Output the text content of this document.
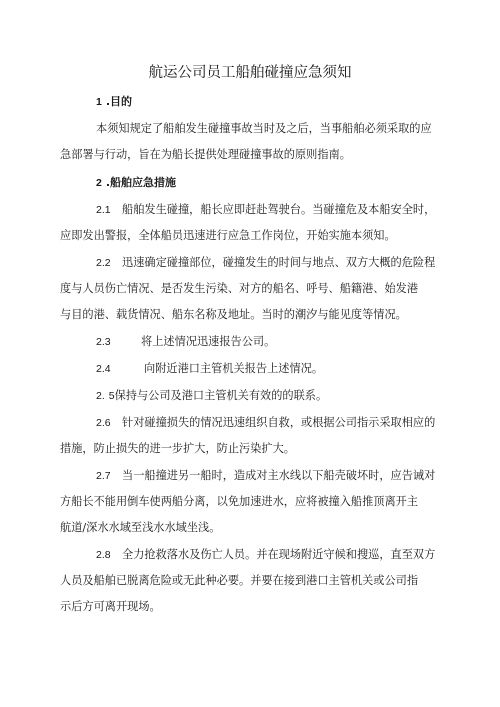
航运公司员工船舶碰撞应急须知
1 .目的
本须知规定了船舶发生碰撞事故当时及之后，当事船舶必须采取的应
急部署与行动，旨在为船长提供处理碰撞事故的原则指南。
2 .船舶应急措施
2.1 船舶发生碰撞，船长应即赶赴驾驶台。当碰撞危及本船安全时，
应即发出警报，全体船员迅速进行应急工作岗位，开始实施本须知。
2.2 迅速确定碰撞部位，碰撞发生的时间与地点、双方大概的危险程
度与人员伤亡情况、是否发生污染、对方的船名、呼号、船籍港、始发港
与目的港、载货情况、船东名称及地址。当时的潮汐与能见度等情况。
2.3	将上述情况迅速报告公司。
2.4	向附近港口主管机关报告上述情况。
2. 5保持与公司及港口主管机关有效的的联系。
2.6 针对碰撞损失的情况迅速组织自救，或根据公司指示采取相应的
措施，防止损失的进一步扩大，防止污染扩大。
2.7 当一船撞进另一船时，造成对主水线以下船壳破坏时，应告诫对
方船长不能用倒车使两船分离，以免加速进水，应将被撞入船推顶离开主
航道/深水水域至浅水水域坐浅。
2.8 全力抢救落水及伤亡人员。并在现场附近守候和搜巡，直至双方
人员及船舶已脱离危险或无此种必要。并要在接到港口主管机关或公司指
示后方可离开现场。
